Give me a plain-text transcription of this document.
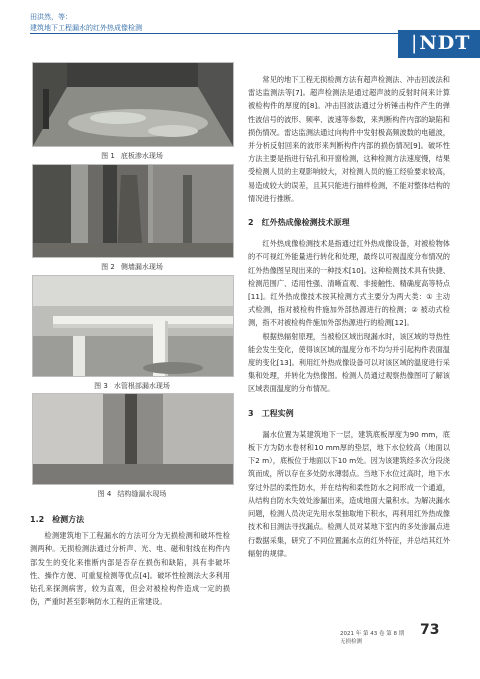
田洪然，等：
建筑地下工程漏水的红外热成像检测
|NDT
图 1 底板渗水现场
图 2 侧墙漏水现场
图 3 水管根部漏水现场
图 4 结构缝漏水现场
1.2 检测方法

检测建筑地下工程漏水的方法可分为无损检测和破坏性检测两种。无损检测法通过分析声、光、电、磁和射线在构件内部发生的变化来推断内部是否存在损伤和缺陷，具有非破坏性、操作方便、可重复检测等优点[4]。破坏性检测法大多利用钻孔来探测病害，较为直观，但会对被检构件造成一定的损伤，严重时甚至影响防水工程的正常建设。

常见的地下工程无损检测方法有超声检测法、冲击回波法和雷达监测法等[7]。超声检测法是通过超声波的反射时间来计算被检构件的厚度的[8]。冲击回波法通过分析锤击构件产生的弹性波信号的波形、频率、波速等参数，来判断构件内部的缺陷和损伤情况。雷达监测法通过向构件中发射极高频波数的电磁波，并分析反射回来的波形来判断构件内部的损伤情况[9]。破坏性方法主要是指进行钻孔和开窗检测，这种检测方法速度慢，结果受检测人员的主观影响较大，对检测人员的施工经验要求较高，易造成较大的误差，且其只能进行抽样检测，不能对整体结构的情况进行推断。

2 红外热成像检测技术原理

红外热成像检测技术是指通过红外热成像设备，对被检物体的不可视红外能量进行转化和处理，最终以可视温度分布情况的红外热像图呈现出来的一种技术[10]。这种检测技术具有快捷、检测范围广、适用性强、清晰直观、非接触性、精确度高等特点[11]。红外热成像技术按其检测方式主要分为两大类：① 主动式检测，指对被检构件施加外部热源进行的检测；② 被动式检测，指不对被检构件施加外部热源进行的检测[12]。

根据热辐射原理，当被检区域出现漏水时，该区域的导热性能会发生变化，使得该区域的温度分布不均匀并引起构件表面温度的变化[13]。利用红外热成像设备可以对该区域的温度进行采集和处理，并转化为热像图。检测人员通过观察热像图可了解该区域表面温度的分布情况。

3 工程实例

漏水位置为某建筑地下一层，建筑底板厚度为90 mm，底板下方为防水卷材和10 mm厚的垫层，地下水位较高（地面以下2 m），底板位于地面以下10 m处。因为该建筑经多次分段浇筑而成，所以存在多处防水薄弱点。当地下水位过高时，地下水穿过外层的柔性防水，并在结构和柔性防水之间形成一个通道，从结构自防水失效处渗漏出来，造成地面大量积水。为解决漏水问题，检测人员决定先用水泵抽取地下积水，再利用红外热成像技术和目测法寻找漏点。检测人员对某地下室内的多处渗漏点进行数据采集，研究了不同位置漏水点的红外特征，并总结其红外辐射的规律。

2021 年 第 43 卷 第 8 期
无损检测
73
